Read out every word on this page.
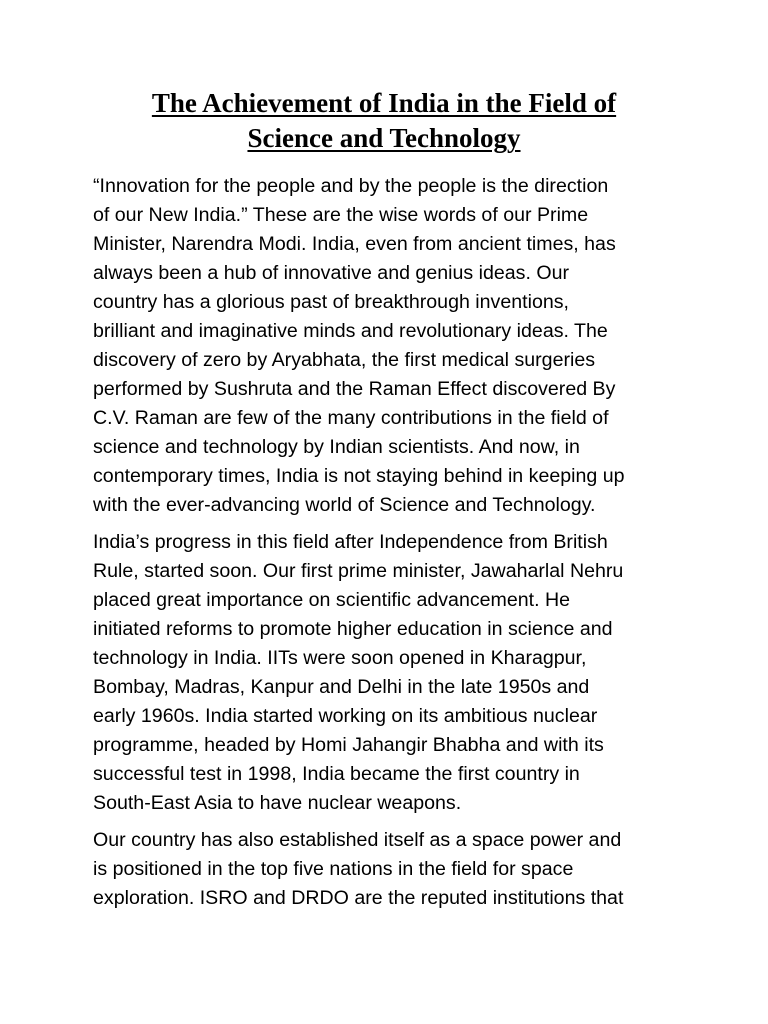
The Achievement of India in the Field of
Science and Technology

“Innovation for the people and by the people is the direction
of our New India.” These are the wise words of our Prime
Minister, Narendra Modi. India, even from ancient times, has
always been a hub of innovative and genius ideas. Our
country has a glorious past of breakthrough inventions,
brilliant and imaginative minds and revolutionary ideas. The
discovery of zero by Aryabhata, the first medical surgeries
performed by Sushruta and the Raman Effect discovered By
C.V. Raman are few of the many contributions in the field of
science and technology by Indian scientists. And now, in
contemporary times, India is not staying behind in keeping up
with the ever-advancing world of Science and Technology.

India’s progress in this field after Independence from British
Rule, started soon. Our first prime minister, Jawaharlal Nehru
placed great importance on scientific advancement. He
initiated reforms to promote higher education in science and
technology in India. IITs were soon opened in Kharagpur,
Bombay, Madras, Kanpur and Delhi in the late 1950s and
early 1960s. India started working on its ambitious nuclear
programme, headed by Homi Jahangir Bhabha and with its
successful test in 1998, India became the first country in
South-East Asia to have nuclear weapons.

Our country has also established itself as a space power and
is positioned in the top five nations in the field for space
exploration. ISRO and DRDO are the reputed institutions that
